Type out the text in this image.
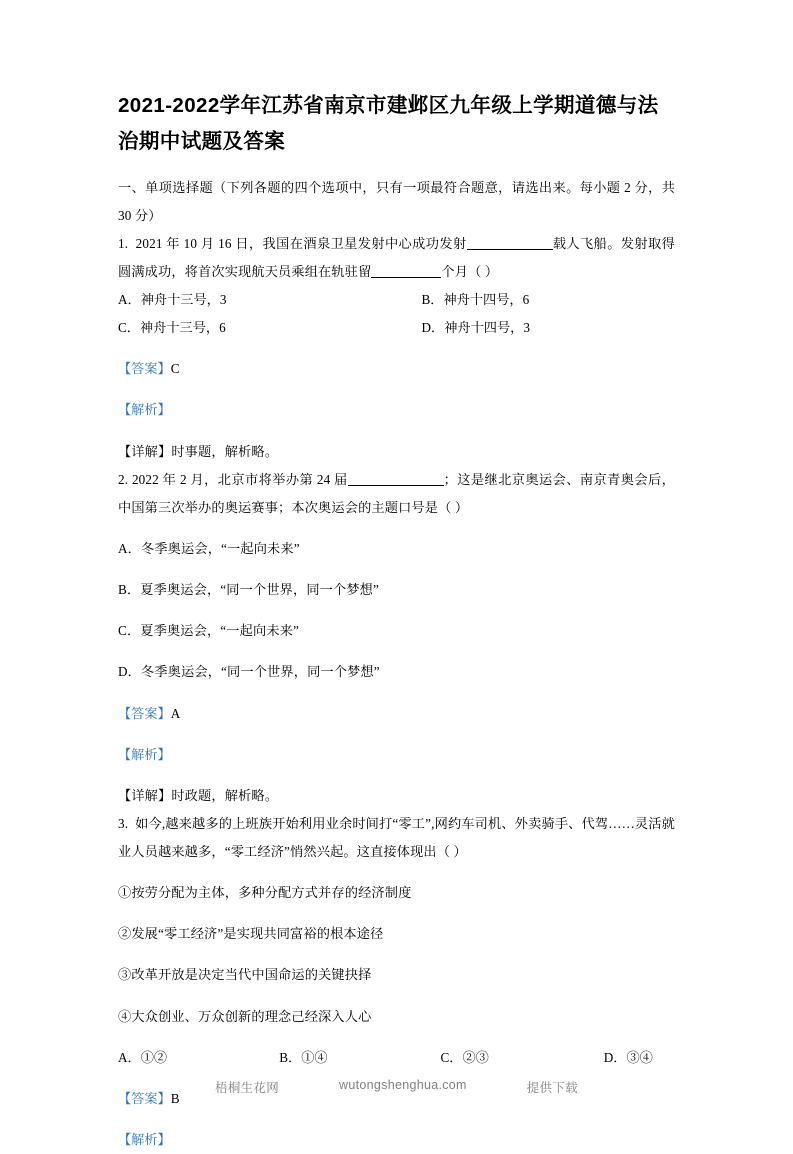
2021-2022学年江苏省南京市建邺区九年级上学期道德与法治期中试题及答案

一、单项选择题（下列各题的四个选项中，只有一项最符合题意，请选出来。每小题 2 分，共 30 分）

1. 2021 年 10 月 16 日，我国在酒泉卫星发射中心成功发射	载人飞船。发射取得圆满成功，将首次实现航天员乘组在轨驻留	个月（ ）

A．神舟十三号，3	B．神舟十四号，6
C．神舟十三号，6	D．神舟十四号，3

【答案】C

【解析】

【详解】时事题，解析略。

2. 2022 年 2 月，北京市将举办第 24 届	；这是继北京奥运会、南京青奥会后，中国第三次举办的奥运赛事；本次奥运会的主题口号是（ ）

A．冬季奥运会，“一起向未来”

B．夏季奥运会，“同一个世界，同一个梦想”

C．夏季奥运会，“一起向未来”

D．冬季奥运会，“同一个世界，同一个梦想”

【答案】A

【解析】

【详解】时政题，解析略。

3. 如今,越来越多的上班族开始利用业余时间打“零工”,网约车司机、外卖骑手、代驾……灵活就业人员越来越多，“零工经济”悄然兴起。这直接体现出（ ）

①按劳分配为主体，多种分配方式并存的经济制度

②发展“零工经济”是实现共同富裕的根本途径

③改革开放是决定当代中国命运的关键抉择

④大众创业、万众创新的理念己经深入人心

A．①②	B．①④	C．②③	D．③④

【答案】B

【解析】

梧桐生花网	wutongshenghua.com	提供下载
